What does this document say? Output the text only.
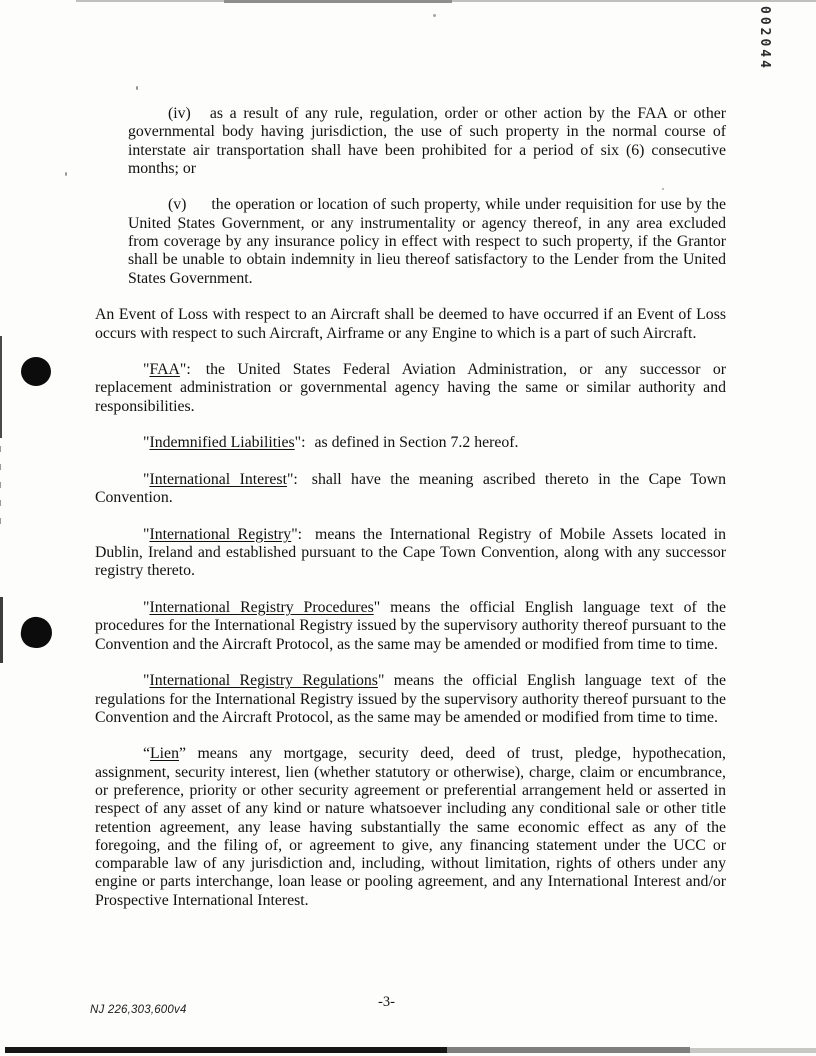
002044

(iv) as a result of any rule, regulation, order or other action by the FAA or other governmental body having jurisdiction, the use of such property in the normal course of interstate air transportation shall have been prohibited for a period of six (6) consecutive months; or

(v) the operation or location of such property, while under requisition for use by the United States Government, or any instrumentality or agency thereof, in any area excluded from coverage by any insurance policy in effect with respect to such property, if the Grantor shall be unable to obtain indemnity in lieu thereof satisfactory to the Lender from the United States Government.

An Event of Loss with respect to an Aircraft shall be deemed to have occurred if an Event of Loss occurs with respect to such Aircraft, Airframe or any Engine to which is a part of such Aircraft.

"FAA": the United States Federal Aviation Administration, or any successor or replacement administration or governmental agency having the same or similar authority and responsibilities.

"Indemnified Liabilities": as defined in Section 7.2 hereof.

"International Interest": shall have the meaning ascribed thereto in the Cape Town Convention.

"International Registry": means the International Registry of Mobile Assets located in Dublin, Ireland and established pursuant to the Cape Town Convention, along with any successor registry thereto.

"International Registry Procedures" means the official English language text of the procedures for the International Registry issued by the supervisory authority thereof pursuant to the Convention and the Aircraft Protocol, as the same may be amended or modified from time to time.

"International Registry Regulations" means the official English language text of the regulations for the International Registry issued by the supervisory authority thereof pursuant to the Convention and the Aircraft Protocol, as the same may be amended or modified from time to time.

“Lien” means any mortgage, security deed, deed of trust, pledge, hypothecation, assignment, security interest, lien (whether statutory or otherwise), charge, claim or encumbrance, or preference, priority or other security agreement or preferential arrangement held or asserted in respect of any asset of any kind or nature whatsoever including any conditional sale or other title retention agreement, any lease having substantially the same economic effect as any of the foregoing, and the filing of, or agreement to give, any financing statement under the UCC or comparable law of any jurisdiction and, including, without limitation, rights of others under any engine or parts interchange, loan lease or pooling agreement, and any International Interest and/or Prospective International Interest.

NJ 226,303,600v4	-3-
